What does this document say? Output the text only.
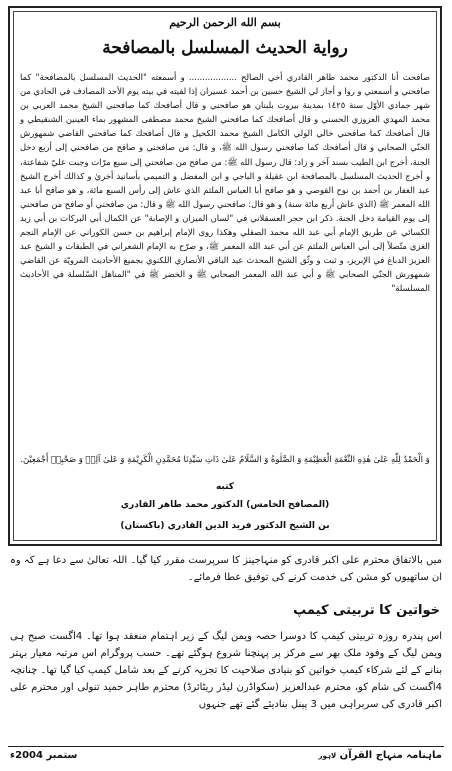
بسم الله الرحمن الرحيم
رواية الحديث المسلسل بالمصافحة

صافحت أنا الدكتور محمد طاهر القادري أخي الصالح .................. و أسمعته "الحديث المسلسل بالمصافحة" كما صافحني و أسمعني و روا و أجاز لي الشيخ حسين بن أحمد عسيران إذا لقيته في بيته يوم الأحد المصادف في الحادي من شهر جمادي الأوّل سنة ١٤٢٥ بمدينة بيروت بلبنان هو صافحني و قال أصافحك كما صافحني الشيخ محمد العربي بن محمد المهدي العزوزي الحسني و قال أصافحك كما صافحني الشيخ محمد مصطفى المشهور بماء العينين الشنقيطي و قال أصافحك كما صافحني خالي الولي الكامل الشيخ محمد الكحيل و قال أصافحك كما صافحني القاضي شمهورش الجنّي الصحابي و قال أصافحك كما صافحني رسول الله ﷺ، و قال: من صافحني و صافح من صافحني إلى أربع دخل الجنة، أخرج ابن الطيب بسند آخر و زاد: قال رسول الله ﷺ: من صافح من صافحني إلى سبع مرّات وجبت عليّ شفاعتة، و أخرج الحديث المسلسل بالمصافحة ابن عقيلة و الباجي و ابن المفضل و التميمي بأسانيد أخريٰ و كذالك أخرج الشيخ عبد الغفار بن أحمد بن نوح القوصي و هو صافح أبا العباس الملثم الذي عاش إلى رأس السبع مائة، و هو صافح أبا عبد الله المعمر ﷺ (الذي عاش أربع مائة سنة) و هو قال: صافحني رسول الله ﷺ و قال: من صافحني أو صافح من صافحني إلى يوم القيامة دخل الجنة. ذكر ابن حجر العسقلاني في "لسان الميزان و الإصابة" عن الكمال أبي البركات بن أبي زيد الكسائي عن طريق الإمام أبي عبد الله محمد الصقلي وهكذا روى الإمام إبراهيم بن حسن الكوراني عن الإمام النجم الغزي متّصلاً إلى أبي العباس الملثم عن أبي عبد الله المعمر ﷺ، و صرّح به الإمام الشعراني في الطبقات و الشيخ عبد العزيز الدباغ في الإبريز، و ثبت و وثّق الشيخ المحدث عبد الباقي الأنصاري اللكنوي بجميع الأحاديث المرويّة عن القاضي شمهورش الجنّي الصحابي ﷺ و أبي عبد الله المعمر الصحابي ﷺ و الخضر ﷺ في "المناهل السّلسلة في الأحاديث المسلسلة"

وَ الْحَمْدُ لِلّٰهِ عَلىٰ هٰذِهِ النِّعْمَةِ الْعَظِيْمَةِ وَ الصَّلٰوةُ وَ السَّلَامُ عَلىٰ ذَاتِ سَيِّدِنَا مُحَمَّدِنِ الْكَرِيْمَةِ وَ عَلىٰ آلِهٖ وَ صَحْبِهٖ أَجْمَعِيْنَ.
كتبه
(المصافح الخامس) الدكتور محمد طاهر القادري
بن الشيخ الدكتور فريد الدين القادري (باكستان)
میں بالاتفاق محترم علی اکبر قادری کو منہاجینز کا سرپرست مقرر کیا گیا۔ اللہ تعالیٰ سے دعا ہے کہ وہ ان ساتھیوں کو مشن کی خدمت کرنے کی توفیق عطا فرمائے۔
خواتین کا تربیتی کیمپ
اس پندرہ روزہ تربیتی کیمپ کا دوسرا حصہ ویمن لیگ کے زیر اہتمام منعقد ہوا تھا۔ 4اگست صبح ہی ویمن لیگ کے وفود ملک بھر سے مرکز پر پہنچنا شروع ہوگئے تھے۔ حسب پروگرام اس مرتبہ معیار بہتر بنانے کے لئے شرکاء کیمپ خواتین کو بنیادی صلاحیت کا تجزیہ کرنے کے بعد شامل کیمپ کیا گیا تھا۔ چنانچہ 4اگست کی شام کو، محترم عبدالعزیز (سکواڈرن لیڈر ریٹائرڈ) محترم طاہر حمید تنولی اور محترم علی اکبر قادری کی سربراہی میں 3 پینل بنادیئے گئے تھے جنہوں
ماہنامہ منہاج القرآن لاہور
ستمبر 2004ء
